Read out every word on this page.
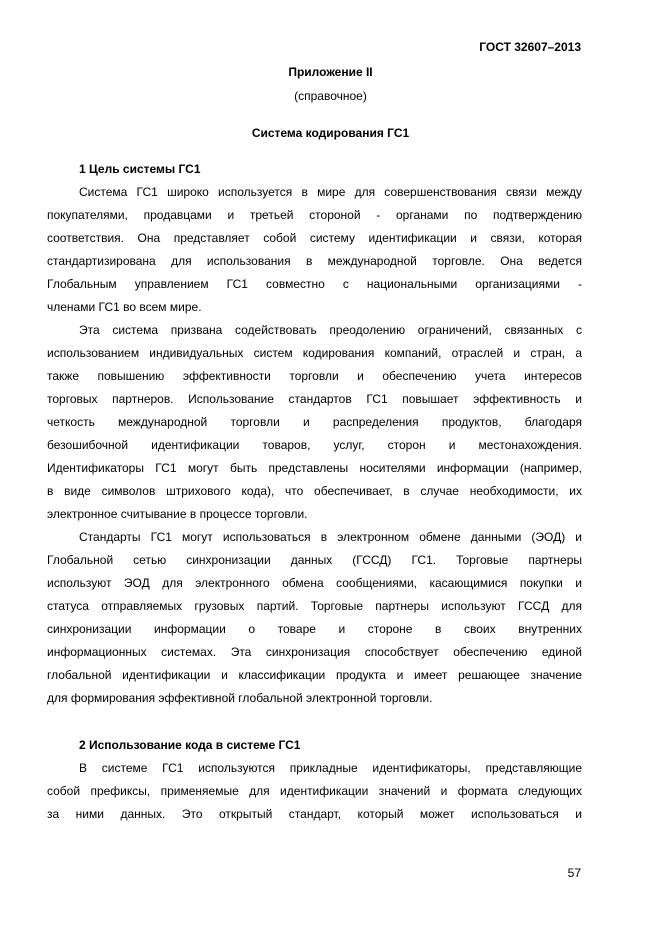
ГОСТ 32607–2013
Приложение II
(справочное)
Система кодирования ГС1
1 Цель системы ГС1
Система ГС1 широко используется в мире для совершенствования связи между
покупателями, продавцами и третьей стороной - органами по подтверждению
соответствия. Она представляет собой систему идентификации и связи, которая
стандартизирована для использования в международной торговле. Она ведется
Глобальным управлением ГС1 совместно с национальными организациями -
членами ГС1 во всем мире.
Эта система призвана содействовать преодолению ограничений, связанных с
использованием индивидуальных систем кодирования компаний, отраслей и стран, а
также повышению эффективности торговли и обеспечению учета интересов
торговых партнеров. Использование стандартов ГС1 повышает эффективность и
четкость международной торговли и распределения продуктов, благодаря
безошибочной идентификации товаров, услуг, сторон и местонахождения.
Идентификаторы ГС1 могут быть представлены носителями информации (например,
в виде символов штрихового кода), что обеспечивает, в случае необходимости, их
электронное считывание в процессе торговли.
Стандарты ГС1 могут использоваться в электронном обмене данными (ЭОД) и
Глобальной сетью синхронизации данных (ГССД) ГС1. Торговые партнеры
используют ЭОД для электронного обмена сообщениями, касающимися покупки и
статуса отправляемых грузовых партий. Торговые партнеры используют ГССД для
синхронизации информации о товаре и стороне в своих внутренних
информационных системах. Эта синхронизация способствует обеспечению единой
глобальной идентификации и классификации продукта и имеет решающее значение
для формирования эффективной глобальной электронной торговли.
2 Использование кода в системе ГС1
В системе ГС1 используются прикладные идентификаторы, представляющие
собой префиксы, применяемые для идентификации значений и формата следующих
за ними данных. Это открытый стандарт, который может использоваться и
57
